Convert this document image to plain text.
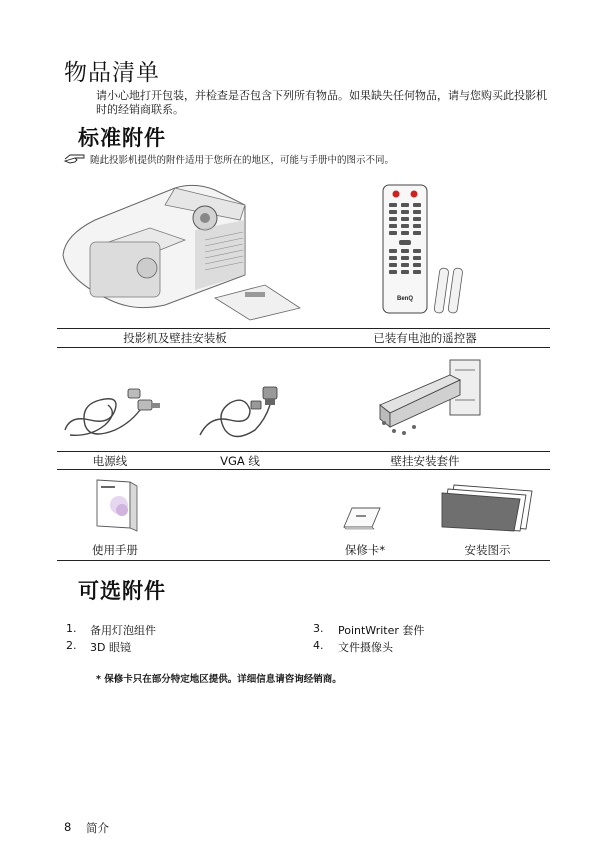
物品清单
请小心地打开包装，并检查是否包含下列所有物品。如果缺失任何物品，请与您购买此投影机时的经销商联系。
标准附件
随此投影机提供的附件适用于您所在的地区，可能与手册中的图示不同。
BenQ
投影机及壁挂安装板	已装有电池的遥控器
电源线	VGA 线	壁挂安装套件
使用手册	保修卡*	安装图示
可选附件
1. 备用灯泡组件
2. 3D 眼镜
3. PointWriter 套件
4. 文件摄像头
* 保修卡只在部分特定地区提供。详细信息请咨询经销商。
8 简介
